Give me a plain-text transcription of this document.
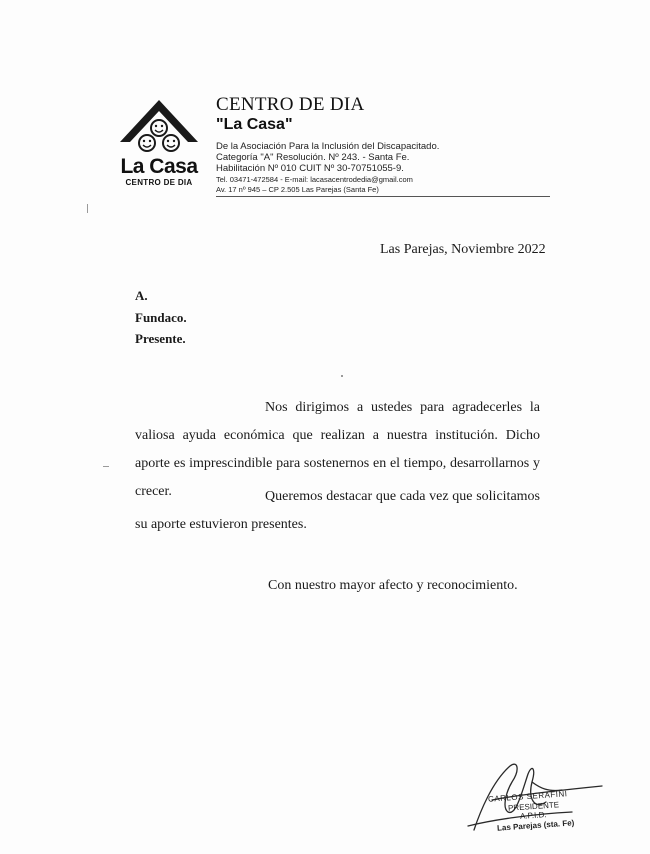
La Casa
CENTRO DE DIA
CENTRO DE DIA
"La Casa"
De la Asociación Para la Inclusión del Discapacitado.
Categoría "A" Resolución. Nº 243. - Santa Fe.
Habilitación Nº 010 CUIT Nº 30-70751055-9.
Tel. 03471-472584 - E-mail: lacasacentrodedia@gmail.com
Av. 17 nº 945 – CP 2.505 Las Parejas (Santa Fe)
Las Parejas, Noviembre 2022
A.
Fundaco.
Presente.
Nos dirigimos a ustedes para agradecerles la valiosa ayuda económica que realizan a nuestra institución. Dicho aporte es imprescindible para sostenernos en el tiempo, desarrollarnos y crecer.	Queremos destacar que cada vez que solicitamos su aporte estuvieron presentes.
Con nuestro mayor afecto y reconocimiento.
CARLOS SERAFINI
PRESIDENTE
A.P.I.D.
Las Parejas (sta. Fe)
